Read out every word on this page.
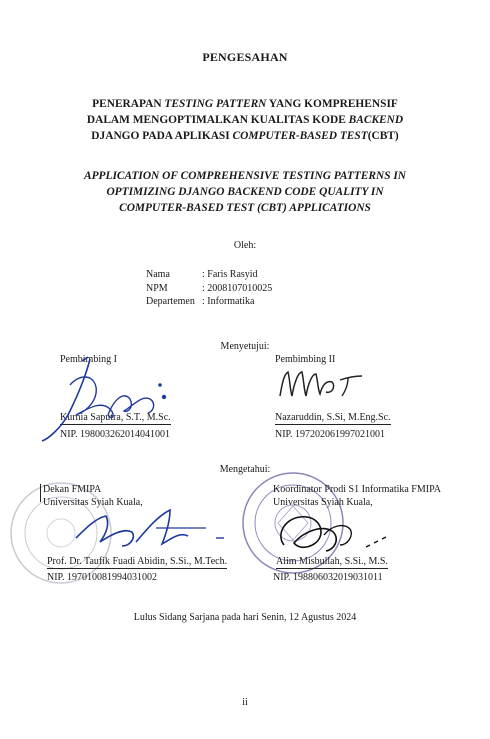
PENGESAHAN
PENERAPAN TESTING PATTERN YANG KOMPREHENSIF
DALAM MENGOPTIMALKAN KUALITAS KODE BACKEND
DJANGO PADA APLIKASI COMPUTER-BASED TEST(CBT)
APPLICATION OF COMPREHENSIVE TESTING PATTERNS IN
OPTIMIZING DJANGO BACKEND CODE QUALITY IN
COMPUTER-BASED TEST (CBT) APPLICATIONS
Oleh:
Nama	: Faris Rasyid
NPM	: 2008107010025
Departemen : Informatika
Menyetujui:
Pembimbing I
Kurnia Saputra, S.T., M.Sc.
NIP. 198003262014041001
Pembimbing II
Nazaruddin, S.Si, M.Eng.Sc.
NIP. 197202061997021001
Mengetahui:
Dekan FMIPA
Universitas Syiah Kuala,
Prof. Dr. Taufik Fuadi Abidin, S.Si., M.Tech.
NIP. 197010081994031002
Koordinator Prodi S1 Informatika FMIPA
Universitas Syiah Kuala,
Alim Misbullah, S.Si., M.S.
NIP. 198806032019031011
Lulus Sidang Sarjana pada hari Senin, 12 Agustus 2024
ii
